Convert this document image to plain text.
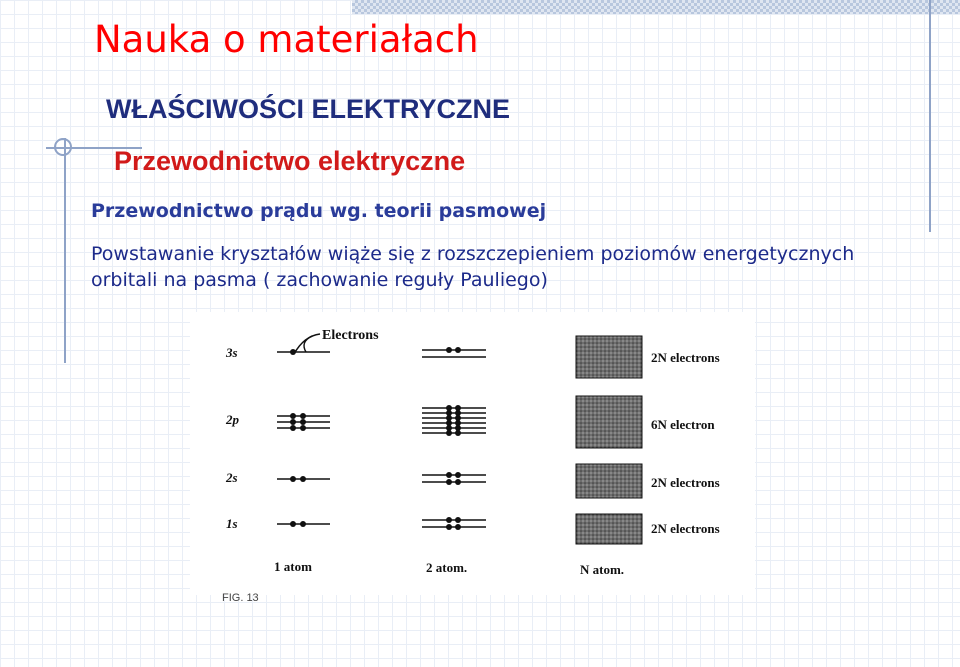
Nauka o materiałach
WŁAŚCIWOŚCI ELEKTRYCZNE
Przewodnictwo elektryczne

Przewodnictwo prądu wg. teorii pasmowej

Powstawanie kryształów wiąże się z rozszczepieniem poziomów energetycznych orbitali na pasma ( zachowanie reguły Pauliego)

Electrons
3s
2p
2s
1s
2N electrons
6N electron
2N electrons
2N electrons
1 atom	2 atom.	N atom.
FIG. 13
